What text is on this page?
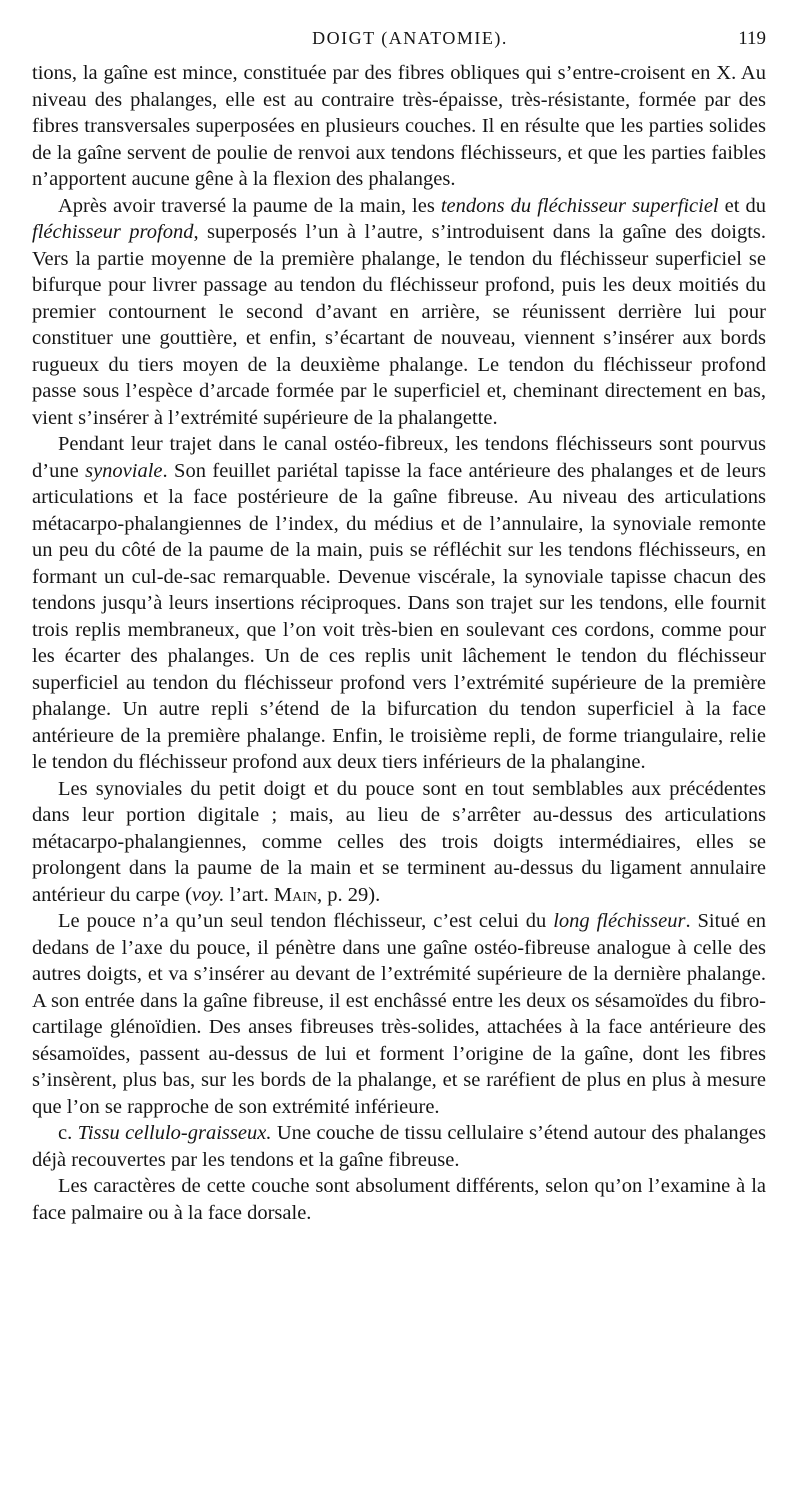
DOIGT (ANATOMIE).	119

tions, la gaîne est mince, constituée par des fibres obliques qui s’entre-croisent en X. Au niveau des phalanges, elle est au contraire très-épaisse, très-résistante, formée par des fibres transversales superposées en plusieurs couches. Il en résulte que les parties solides de la gaîne servent de poulie de renvoi aux tendons fléchisseurs, et que les parties faibles n’apportent aucune gêne à la flexion des phalanges.

Après avoir traversé la paume de la main, les tendons du fléchisseur superficiel et du fléchisseur profond, superposés l’un à l’autre, s’introduisent dans la gaîne des doigts. Vers la partie moyenne de la première phalange, le tendon du fléchisseur superficiel se bifurque pour livrer passage au tendon du fléchisseur profond, puis les deux moitiés du premier contournent le second d’avant en arrière, se réunissent derrière lui pour constituer une gouttière, et enfin, s’écartant de nouveau, viennent s’insérer aux bords rugueux du tiers moyen de la deuxième phalange. Le tendon du fléchisseur profond passe sous l’espèce d’arcade formée par le superficiel et, cheminant directement en bas, vient s’insérer à l’extrémité supérieure de la phalangette.

Pendant leur trajet dans le canal ostéo-fibreux, les tendons fléchisseurs sont pourvus d’une synoviale. Son feuillet pariétal tapisse la face antérieure des phalanges et de leurs articulations et la face postérieure de la gaîne fibreuse. Au niveau des articulations métacarpo-phalangiennes de l’index, du médius et de l’annulaire, la synoviale remonte un peu du côté de la paume de la main, puis se réfléchit sur les tendons fléchisseurs, en formant un cul-de-sac remarquable. Devenue viscérale, la synoviale tapisse chacun des tendons jusqu’à leurs insertions réciproques. Dans son trajet sur les tendons, elle fournit trois replis membraneux, que l’on voit très-bien en soulevant ces cordons, comme pour les écarter des phalanges. Un de ces replis unit lâchement le tendon du fléchisseur superficiel au tendon du fléchisseur profond vers l’extrémité supérieure de la première phalange. Un autre repli s’étend de la bifurcation du tendon superficiel à la face antérieure de la première phalange. Enfin, le troisième repli, de forme triangulaire, relie le tendon du fléchisseur profond aux deux tiers inférieurs de la phalangine.

Les synoviales du petit doigt et du pouce sont en tout semblables aux précédentes dans leur portion digitale ; mais, au lieu de s’arrêter au-dessus des articulations métacarpo-phalangiennes, comme celles des trois doigts intermédiaires, elles se prolongent dans la paume de la main et se terminent au-dessus du ligament annulaire antérieur du carpe (voy. l’art. Main, p. 29).

Le pouce n’a qu’un seul tendon fléchisseur, c’est celui du long fléchisseur. Situé en dedans de l’axe du pouce, il pénètre dans une gaîne ostéo-fibreuse analogue à celle des autres doigts, et va s’insérer au devant de l’extrémité supérieure de la dernière phalange. A son entrée dans la gaîne fibreuse, il est enchâssé entre les deux os sésamoïdes du fibro-cartilage glénoïdien. Des anses fibreuses très-solides, attachées à la face antérieure des sésamoïdes, passent au-dessus de lui et forment l’origine de la gaîne, dont les fibres s’insèrent, plus bas, sur les bords de la phalange, et se raréfient de plus en plus à mesure que l’on se rapproche de son extrémité inférieure.

c. Tissu cellulo-graisseux. Une couche de tissu cellulaire s’étend autour des phalanges déjà recouvertes par les tendons et la gaîne fibreuse.

Les caractères de cette couche sont absolument différents, selon qu’on l’examine à la face palmaire ou à la face dorsale.
